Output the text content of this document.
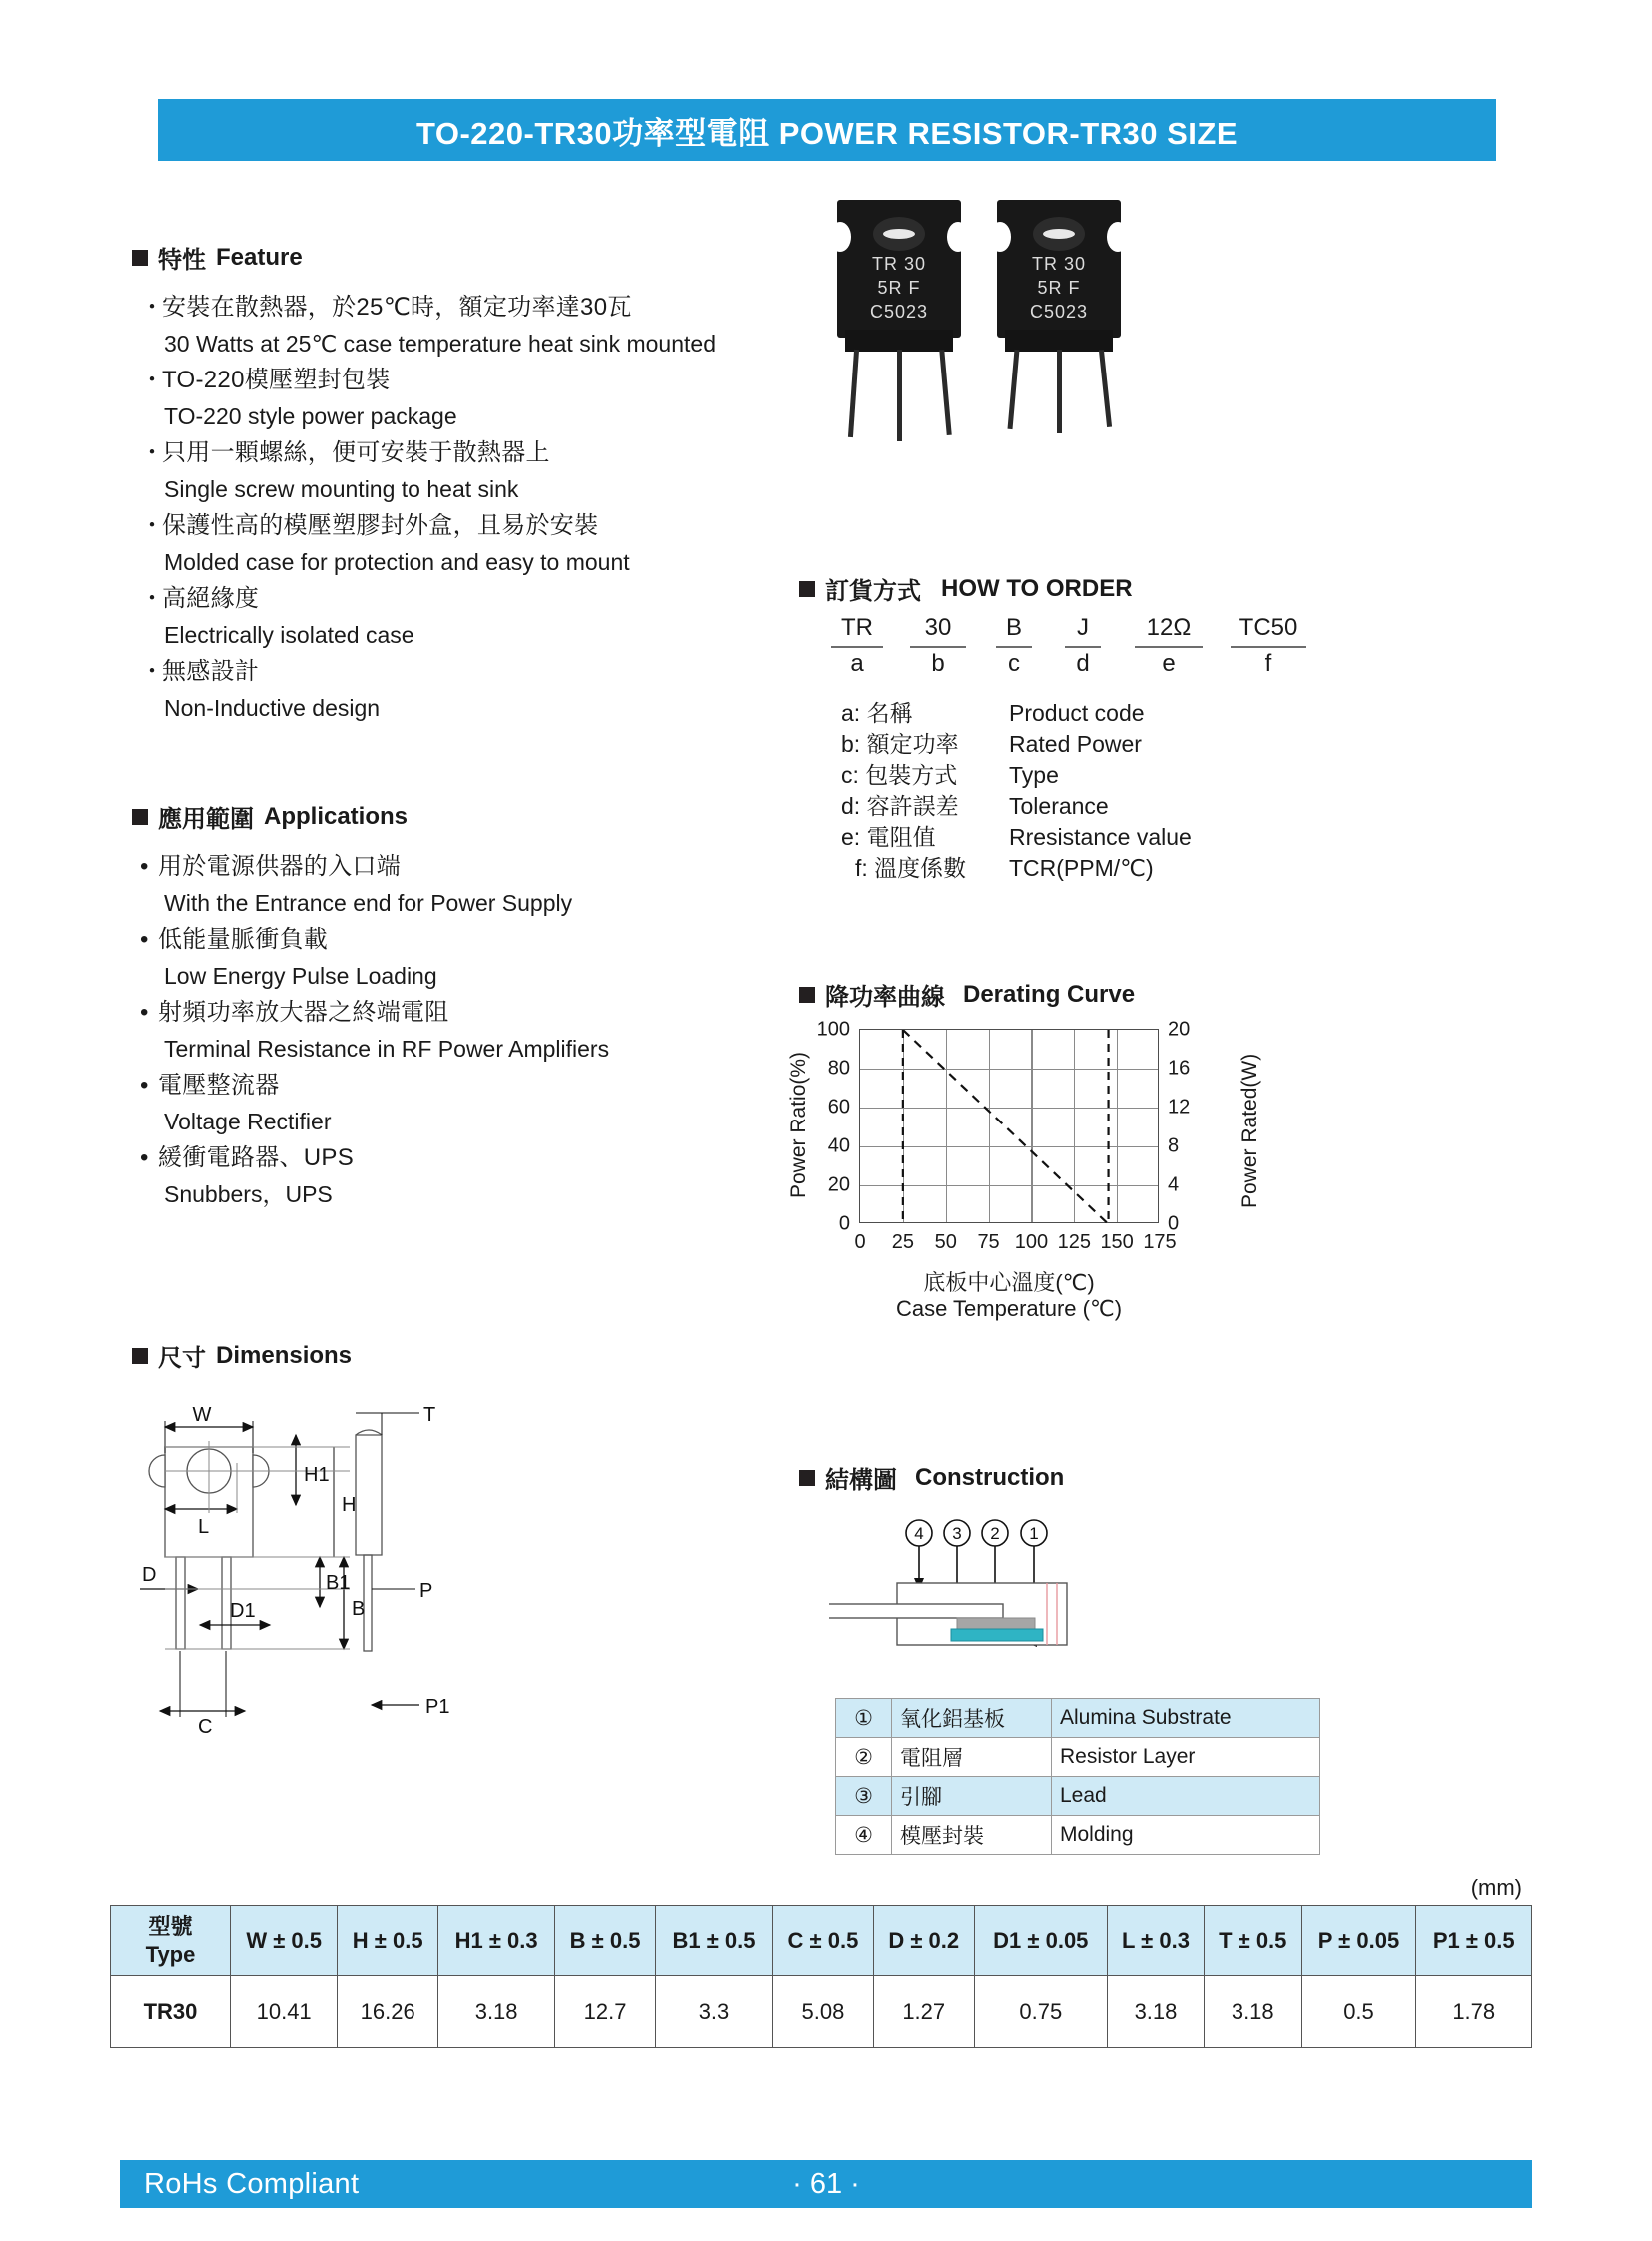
TO-220-TR30功率型電阻 POWER RESISTOR-TR30 SIZE
特性 Feature
・安裝在散熱器，於25℃時，額定功率達30瓦
30 Watts at 25℃ case temperature heat sink mounted
・TO-220模壓塑封包裝
TO-220 style power package
・只用一顆螺絲，便可安裝于散熱器上
Single screw mounting to heat sink
・保護性高的模壓塑膠封外盒，且易於安裝
Molded case for protection and easy to mount
・高絕緣度
Electrically isolated case
・無感設計
Non-Inductive design
應用範圍 Applications
• 用於電源供器的入口端
With the Entrance end for Power Supply
• 低能量脈衝負載
Low Energy Pulse Loading
• 射頻功率放大器之終端電阻
Terminal Resistance in RF Power Amplifiers
• 電壓整流器
Voltage Rectifier
• 緩衝電路器、UPS
Snubbers，UPS
TR 30
5R F
C5023
TR 30
5R F
C5023
訂貨方式 HOW TO ORDER
TR	30	B	J	12Ω	TC50
a	b	c	d	e	f
a: 名稱	Product code
b: 額定功率	Rated Power
c: 包裝方式	Type
d: 容許誤差	Tolerance
e: 電阻值	Rresistance value
f: 溫度係數	TCR(PPM/℃)
降功率曲線 Derating Curve
0
20
40
60
80
100
0
4
8
12
16
20
0 25 50 75 100 125 150 175
Power Ratio(%)	Power Rated(W)
底板中心溫度(℃)
Case Temperature (℃)
結構圖 Construction
4 3 2 1
①	氧化鋁基板	Alumina Substrate
②	電阻層	Resistor Layer
③	引腳	Lead
④	模壓封裝	Molding
尺寸 Dimensions
W
L
C
D
D1
H1
H
B1
B
T
P
P1
(mm)
型號
Type	W ± 0.5	H ± 0.5	H1 ± 0.3	B ± 0.5	B1 ± 0.5	C ± 0.5	D ± 0.2	D1 ± 0.05	L ± 0.3	T ± 0.5	P ± 0.05	P1 ± 0.5
TR30	10.41	16.26	3.18	12.7	3.3	5.08	1.27	0.75	3.18	3.18	0.5	1.78
RoHs Compliant	· 61 ·
